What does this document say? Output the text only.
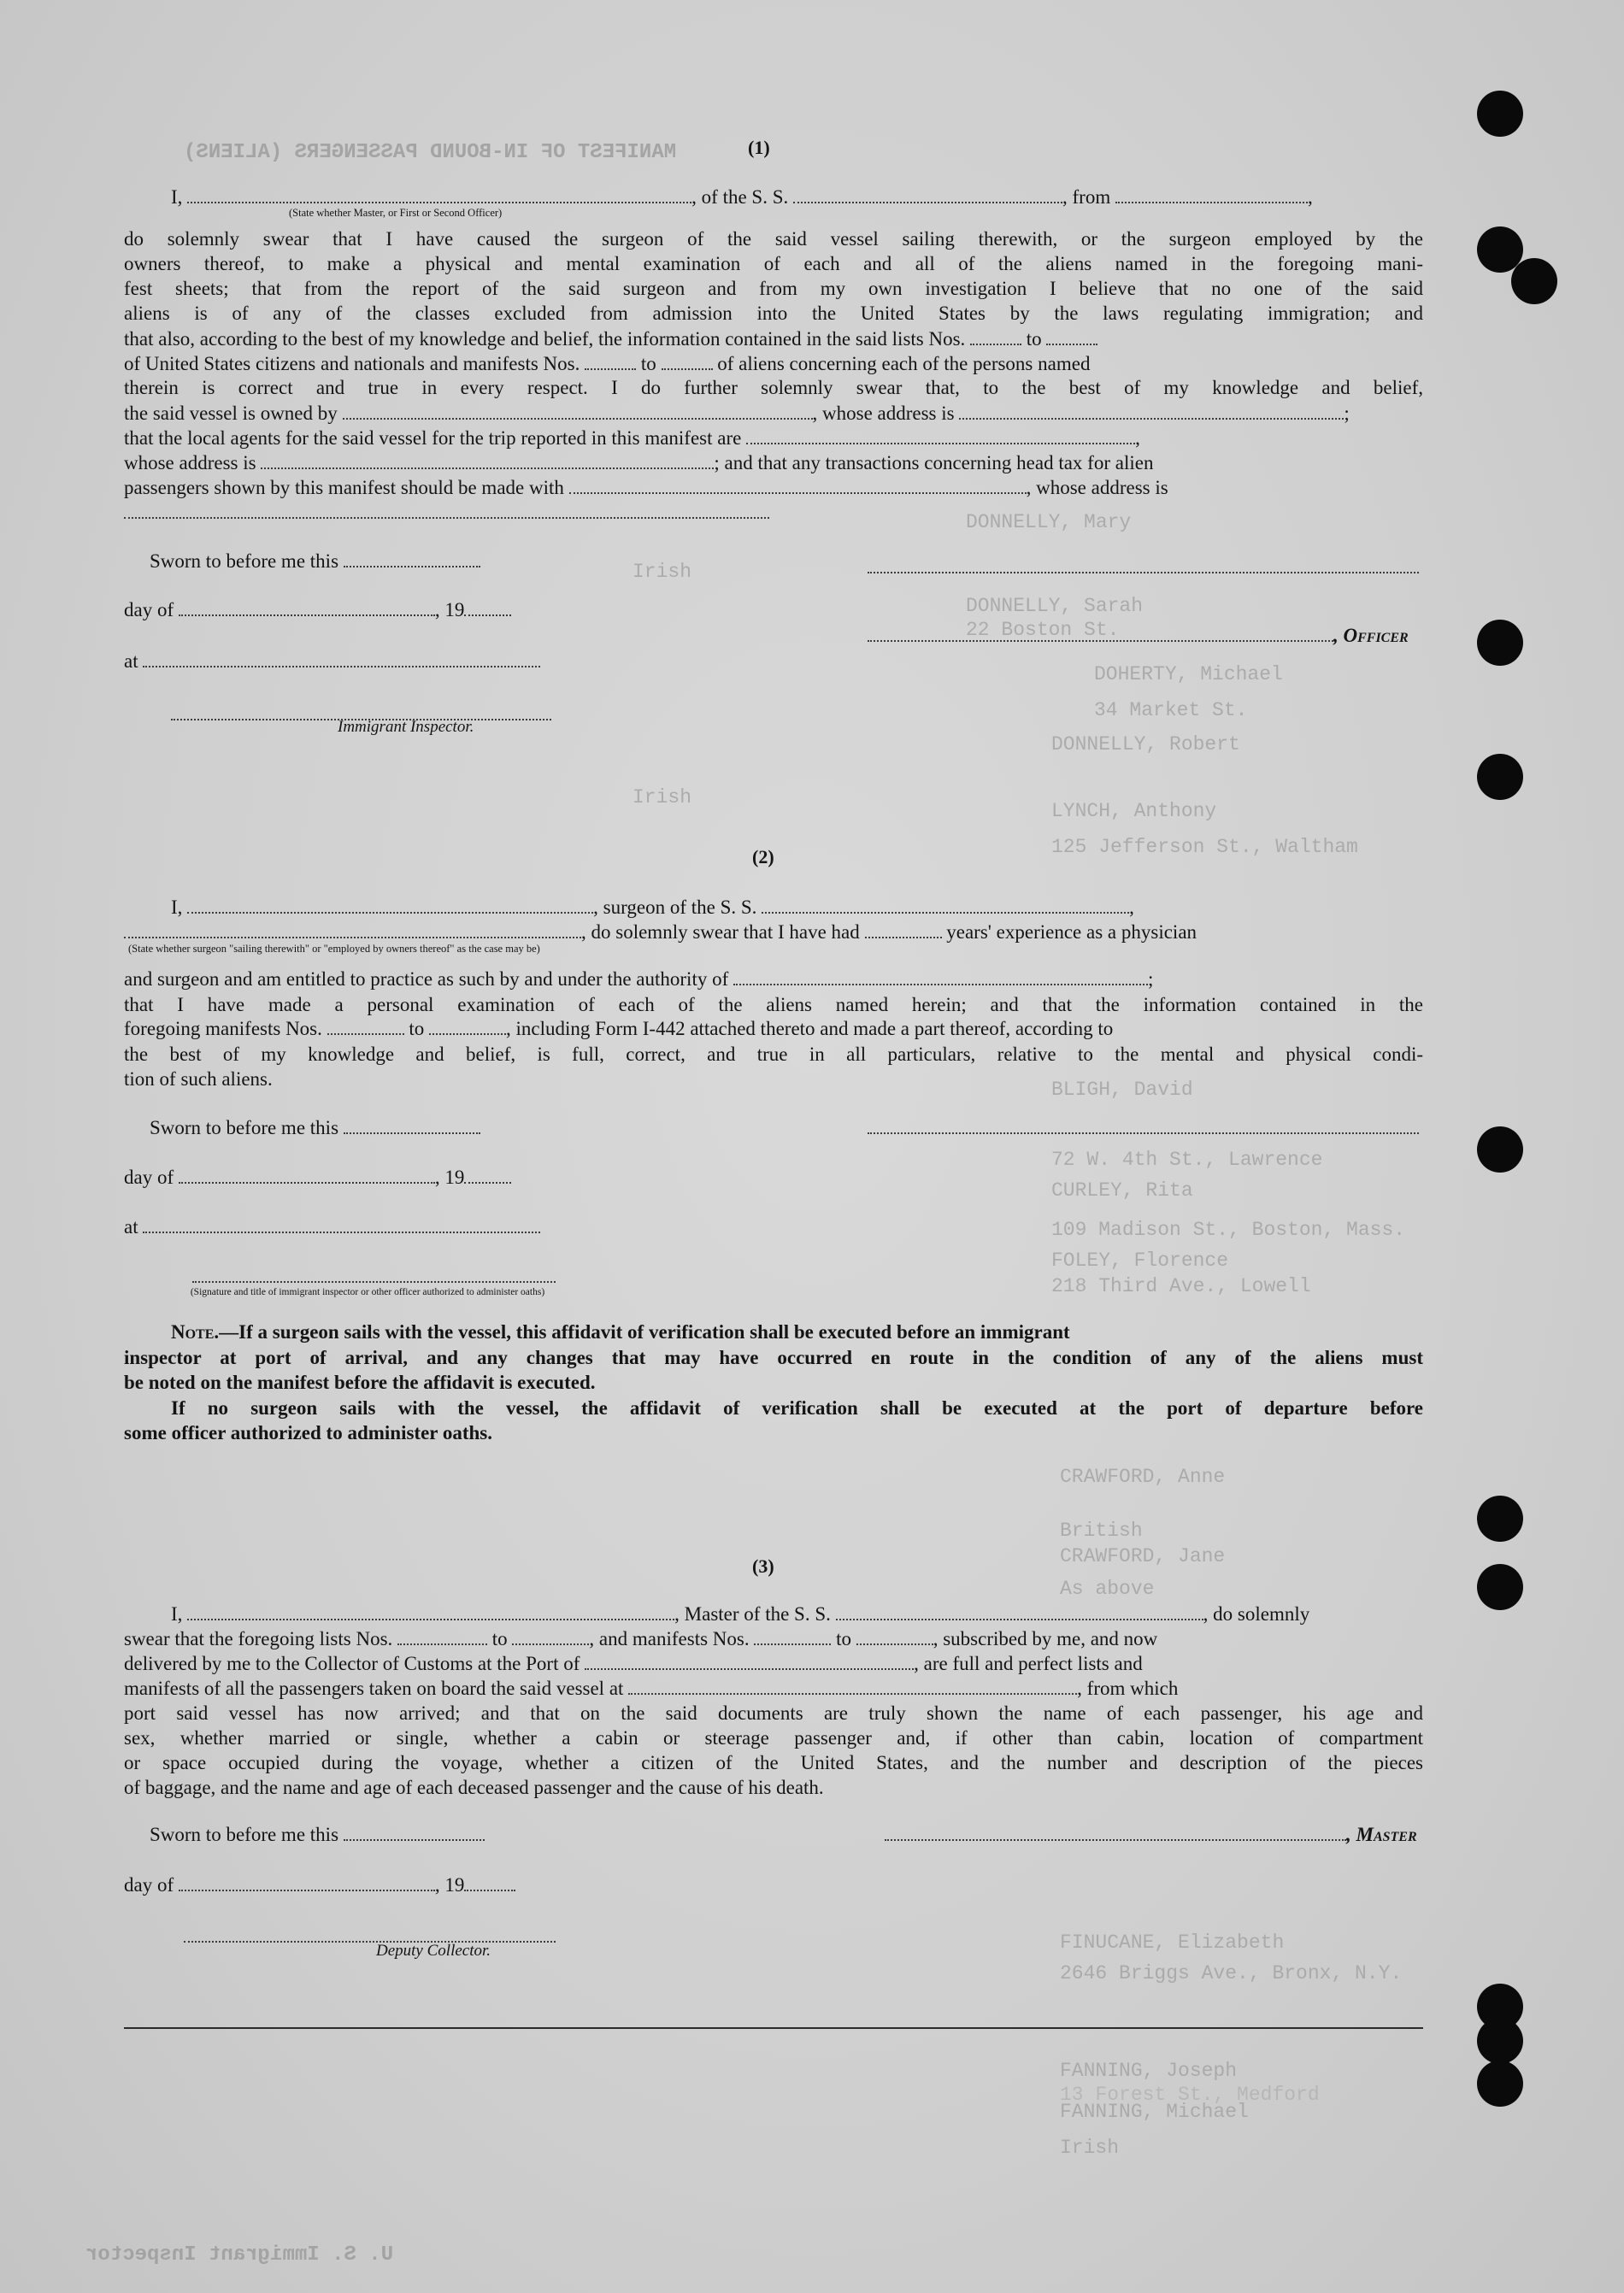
MANIFEST OF IN-BOUND PASSENGERS (ALIENS)
DONNELLY, Mary
Irish
DONNELLY, Sarah
22 Boston St.
DOHERTY, Michael
34 Market St.
DONNELLY, Robert
Irish
LYNCH, Anthony
125 Jefferson St., Waltham
BLIGH, David
72 W. 4th St., Lawrence
CURLEY, Rita
109 Madison St., Boston, Mass.
FOLEY, Florence
218 Third Ave., Lowell
CRAWFORD, Anne
British
CRAWFORD, Jane
As above
FINUCANE, Elizabeth
2646 Briggs Ave., Bronx, N.Y.
FANNING, Michael
Irish
FANNING, Joseph
13 Forest St., Medford
U. S. Immigrant Inspector
(1)
I,	, of the S. S.	, from	,
(State whether Master, or First or Second Officer)
do solemnly swear that I have caused the surgeon of the said vessel sailing therewith, or the surgeon employed by the
owners thereof, to make a physical and mental examination of each and all of the aliens named in the foregoing mani-
fest sheets; that from the report of the said surgeon and from my own investigation I believe that no one of the said
aliens is of any of the classes excluded from admission into the United States by the laws regulating immigration; and
that also, according to the best of my knowledge and belief, the information contained in the said lists Nos.	to
of United States citizens and nationals and manifests Nos.	to	of aliens concerning each of the persons named
therein is correct and true in every respect. I do further solemnly swear that, to the best of my knowledge and belief,
the said vessel is owned by	, whose address is	;
that the local agents for the said vessel for the trip reported in this manifest are	,
whose address is	; and that any transactions concerning head tax for alien
passengers shown by this manifest should be made with	, whose address is
Sworn to before me this
day of	, 19
at
Immigrant Inspector.
, Officer
(2)
I,	, surgeon of the S. S.	,
, do solemnly swear that I have had	years' experience as a physician
(State whether surgeon "sailing therewith" or "employed by owners thereof" as the case may be)
and surgeon and am entitled to practice as such by and under the authority of	;
that I have made a personal examination of each of the aliens named herein; and that the information contained in the
foregoing manifests Nos.	to	, including Form I-442 attached thereto and made a part thereof, according to
the best of my knowledge and belief, is full, correct, and true in all particulars, relative to the mental and physical condi-
tion of such aliens.
Sworn to before me this
day of	, 19
at
(Signature and title of immigrant inspector or other officer authorized to administer oaths)
Note.—If a surgeon sails with the vessel, this affidavit of verification shall be executed before an immigrant
inspector at port of arrival, and any changes that may have occurred en route in the condition of any of the aliens must
be noted on the manifest before the affidavit is executed.
If no surgeon sails with the vessel, the affidavit of verification shall be executed at the port of departure before
some officer authorized to administer oaths.
(3)
I,	, Master of the S. S.	, do solemnly
swear that the foregoing lists Nos.	to	, and manifests Nos.	to	, subscribed by me, and now
delivered by me to the Collector of Customs at the Port of	, are full and perfect lists and
manifests of all the passengers taken on board the said vessel at	, from which
port said vessel has now arrived; and that on the said documents are truly shown the name of each passenger, his age and
sex, whether married or single, whether a cabin or steerage passenger and, if other than cabin, location of compartment
or space occupied during the voyage, whether a citizen of the United States, and the number and description of the pieces
of baggage, and the name and age of each deceased passenger and the cause of his death.
Sworn to before me this
day of	, 19
Deputy Collector.
, Master
